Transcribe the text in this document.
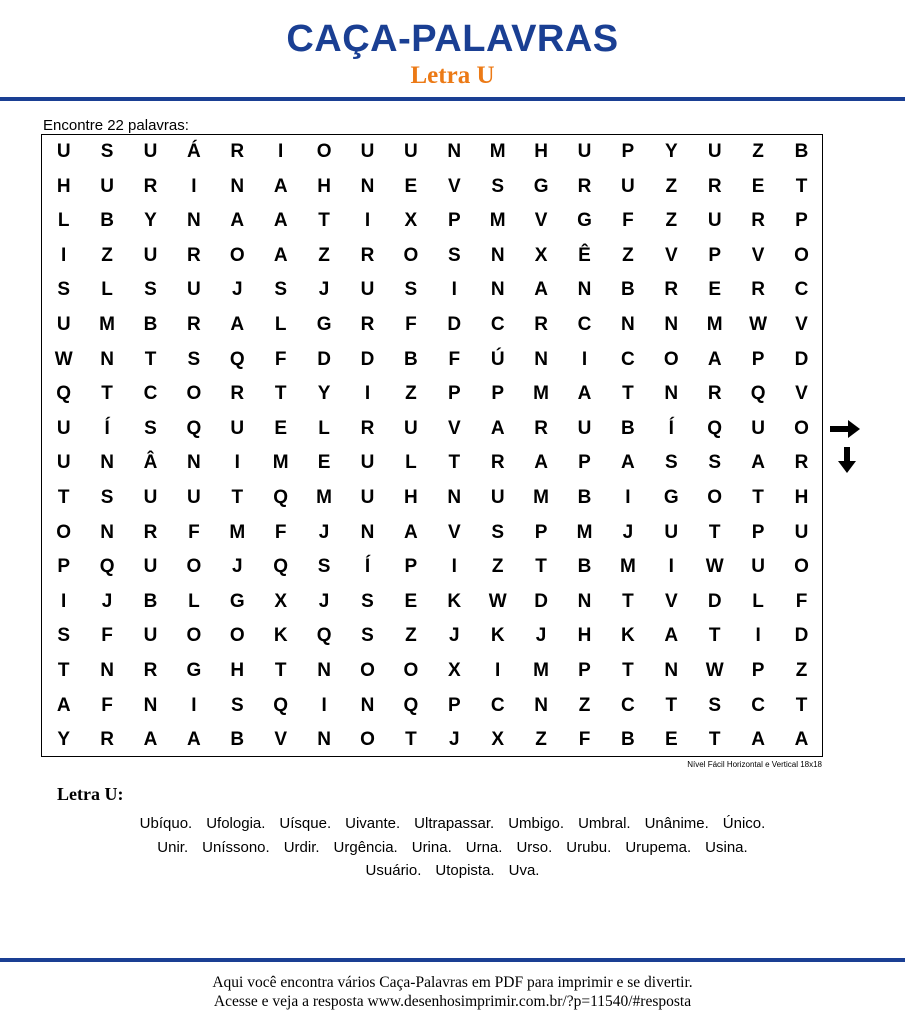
CAÇA-PALAVRAS
Letra U
Encontre 22 palavras:
U	S	U	Á	R	I	O	U	U	N	M	H	U	P	Y	U	Z	B
H	U	R	I	N	A	H	N	E	V	S	G	R	U	Z	R	E	T
L	B	Y	N	A	A	T	I	X	P	M	V	G	F	Z	U	R	P
I	Z	U	R	O	A	Z	R	O	S	N	X	Ê	Z	V	P	V	O
S	L	S	U	J	S	J	U	S	I	N	A	N	B	R	E	R	C
U	M	B	R	A	L	G	R	F	D	C	R	C	N	N	M	W	V
W	N	T	S	Q	F	D	D	B	F	Ú	N	I	C	O	A	P	D
Q	T	C	O	R	T	Y	I	Z	P	P	M	A	T	N	R	Q	V
U	Í	S	Q	U	E	L	R	U	V	A	R	U	B	Í	Q	U	O
U	N	Â	N	I	M	E	U	L	T	R	A	P	A	S	S	A	R
T	S	U	U	T	Q	M	U	H	N	U	M	B	I	G	O	T	H
O	N	R	F	M	F	J	N	A	V	S	P	M	J	U	T	P	U
P	Q	U	O	J	Q	S	Í	P	I	Z	T	B	M	I	W	U	O
I	J	B	L	G	X	J	S	E	K	W	D	N	T	V	D	L	F
S	F	U	O	O	K	Q	S	Z	J	K	J	H	K	A	T	I	D
T	N	R	G	H	T	N	O	O	X	I	M	P	T	N	W	P	Z
A	F	N	I	S	Q	I	N	Q	P	C	N	Z	C	T	S	C	T
Y	R	A	A	B	V	N	O	T	J	X	Z	F	B	E	T	A	A
Nível Fácil Horizontal e Vertical 18x18
Letra U:
Ubíquo. Ufologia. Uísque. Uivante. Ultrapassar. Umbigo. Umbral. Unânime. Único.
Unir. Uníssono. Urdir. Urgência. Urina. Urna. Urso. Urubu. Urupema. Usina.
Usuário. Utopista. Uva.
Aqui você encontra vários Caça-Palavras em PDF para imprimir e se divertir.
Acesse e veja a resposta www.desenhosimprimir.com.br/?p=11540/#resposta
